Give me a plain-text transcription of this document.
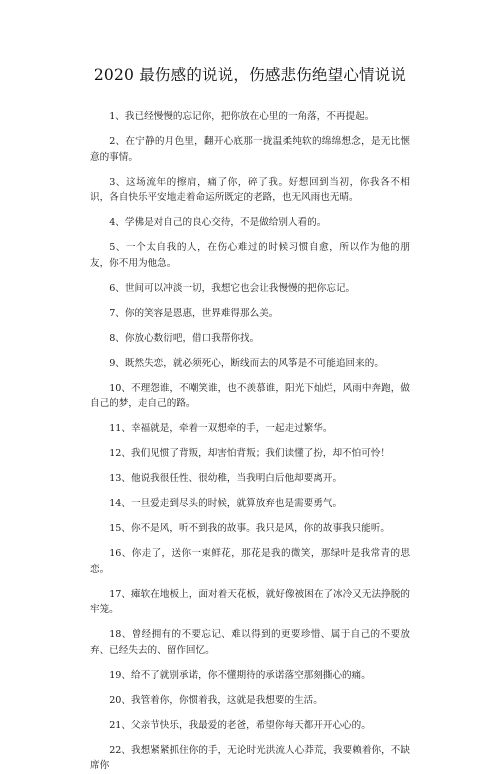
2020 最伤感的说说，伤感悲伤绝望心情说说
1、我已经慢慢的忘记你，把你放在心里的一角落，不再提起。
2、在宁静的月色里，翻开心底那一拢温柔纯软的绵绵想念，是无比惬意的事情。
3、这场流年的擦肩，痛了你，碎了我。好想回到当初，你我各不相识，各自快乐平安地走着命运所既定的老路，也无风雨也无晴。
4、学佛是对自己的良心交待，不是做给别人看的。
5、一个太自我的人，在伤心难过的时候习惯自愈，所以作为他的朋友，你不用为他急。
6、世间可以冲淡一切，我想它也会让我慢慢的把你忘记。
7、你的笑容是恩惠，世界难得那么美。
8、你放心数衍吧，借口我帮你找。
9、既然失恋，就必须死心，断线而去的风筝是不可能追回来的。
10、不理怨谁，不嘲笑谁，也不羡慕谁，阳光下灿烂，风雨中奔跑，做自己的梦，走自己的路。
11、幸福就是，牵着一双想牵的手，一起走过繁华。
12、我们见惯了背叛，却害怕背叛；我们读懂了扮，却不怕可怜！
13、他说我很任性、很幼稚，当我明白后他却要离开。
14、一旦爱走到尽头的时候，就算放弃也是需要勇气。
15、你不是风，听不到我的故事。我只是风，你的故事我只能听。
16、你走了，送你一束鲜花，那花是我的微笑，那绿叶是我常青的思恋。
17、瘫软在地板上，面对着天花板，就好像被困在了冰冷又无法挣脱的牢笼。
18、曾经拥有的不要忘记、难以得到的更要珍惜、属于自己的不要放弃、已经失去的、留作回忆。
19、给不了就别承诺，你不懂期待的承诺落空那刻撕心的痛。
20、我管着你，你惯着我，这就是我想要的生活。
21、父亲节快乐，我最爱的老爸，希望你每天都开开心心的。
22、我想紧紧抓住你的手，无论时光洪流人心莽荒，我要赖着你，不缺席你
